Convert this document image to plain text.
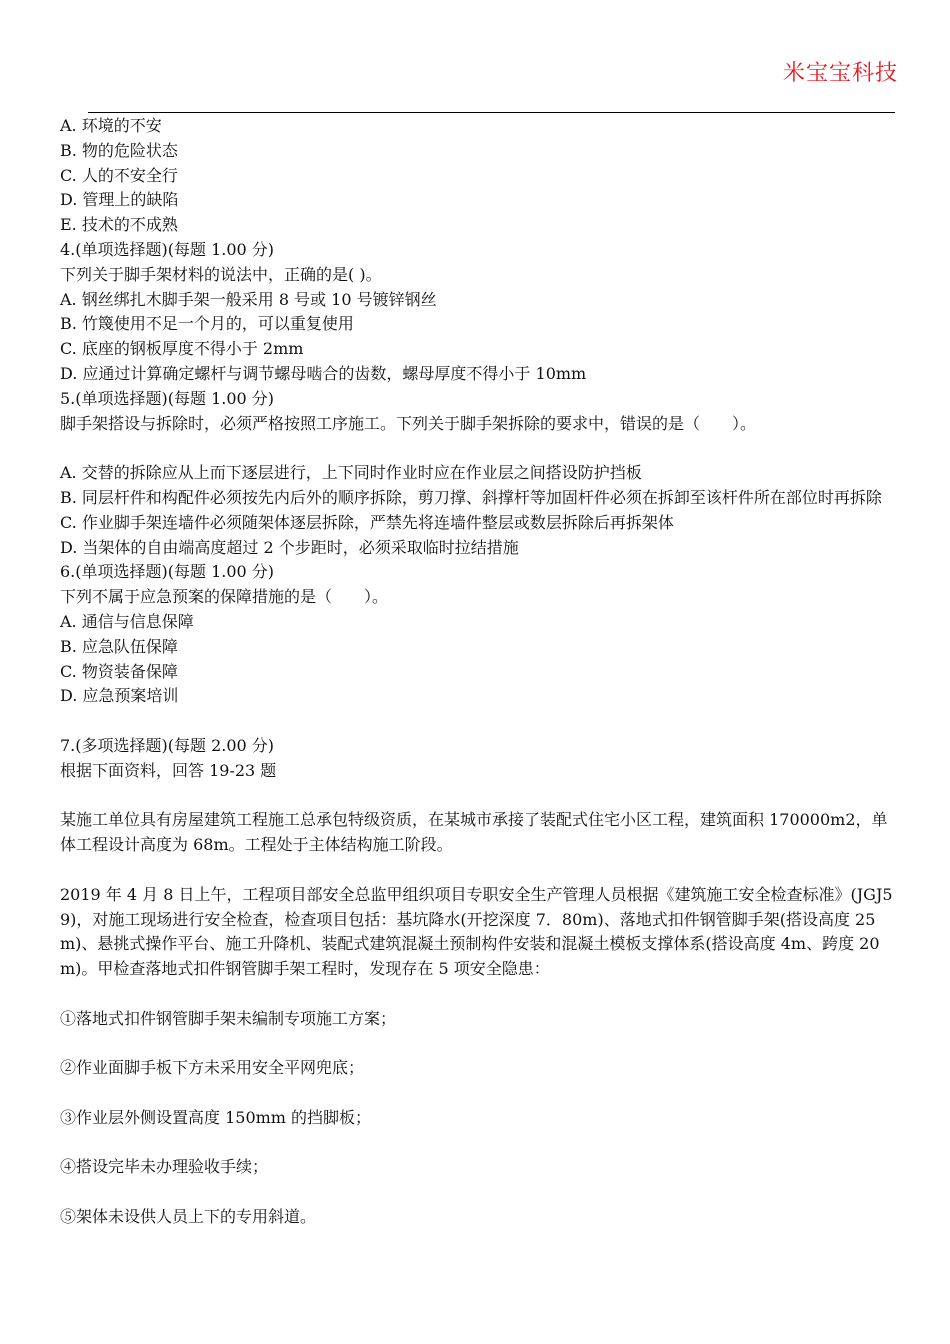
米宝宝科技
A. 环境的不安
B. 物的危险状态
C. 人的不安全行
D. 管理上的缺陷
E. 技术的不成熟
4.(单项选择题)(每题 1.00 分)
下列关于脚手架材料的说法中，正确的是( )。
A. 钢丝绑扎木脚手架一般采用 8 号或 10 号镀锌钢丝
B. 竹篾使用不足一个月的，可以重复使用
C. 底座的钢板厚度不得小于 2mm
D. 应通过计算确定螺杆与调节螺母啮合的齿数，螺母厚度不得小于 10mm
5.(单项选择题)(每题 1.00 分)
脚手架搭设与拆除时，必须严格按照工序施工。下列关于脚手架拆除的要求中，错误的是（　　）。
A. 交替的拆除应从上而下逐层进行，上下同时作业时应在作业层之间搭设防护挡板
B. 同层杆件和构配件必须按先内后外的顺序拆除，剪刀撑、斜撑杆等加固杆件必须在拆卸至该杆件所在部位时再拆除
C. 作业脚手架连墙件必须随架体逐层拆除，严禁先将连墙件整层或数层拆除后再拆架体
D. 当架体的自由端高度超过 2 个步距时，必须采取临时拉结措施
6.(单项选择题)(每题 1.00 分)
下列不属于应急预案的保障措施的是（　　）。
A. 通信与信息保障
B. 应急队伍保障
C. 物资装备保障
D. 应急预案培训
7.(多项选择题)(每题 2.00 分)
根据下面资料，回答 19-23 题
某施工单位具有房屋建筑工程施工总承包特级资质，在某城市承接了装配式住宅小区工程，建筑面积 170000m2，单体工程设计高度为 68m。工程处于主体结构施工阶段。
2019 年 4 月 8 日上午，工程项目部安全总监甲组织项目专职安全生产管理人员根据《建筑施工安全检查标准》(JGJ59)，对施工现场进行安全检查，检查项目包括：基坑降水(开挖深度 7．80m)、落地式扣件钢管脚手架(搭设高度 25m)、悬挑式操作平台、施工升降机、装配式建筑混凝土预制构件安装和混凝土模板支撑体系(搭设高度 4m、跨度 20m)。甲检查落地式扣件钢管脚手架工程时，发现存在 5 项安全隐患：
①落地式扣件钢管脚手架未编制专项施工方案；
②作业面脚手板下方未采用安全平网兜底；
③作业层外侧设置高度 150mm 的挡脚板；
④搭设完毕未办理验收手续；
⑤架体未设供人员上下的专用斜道。
